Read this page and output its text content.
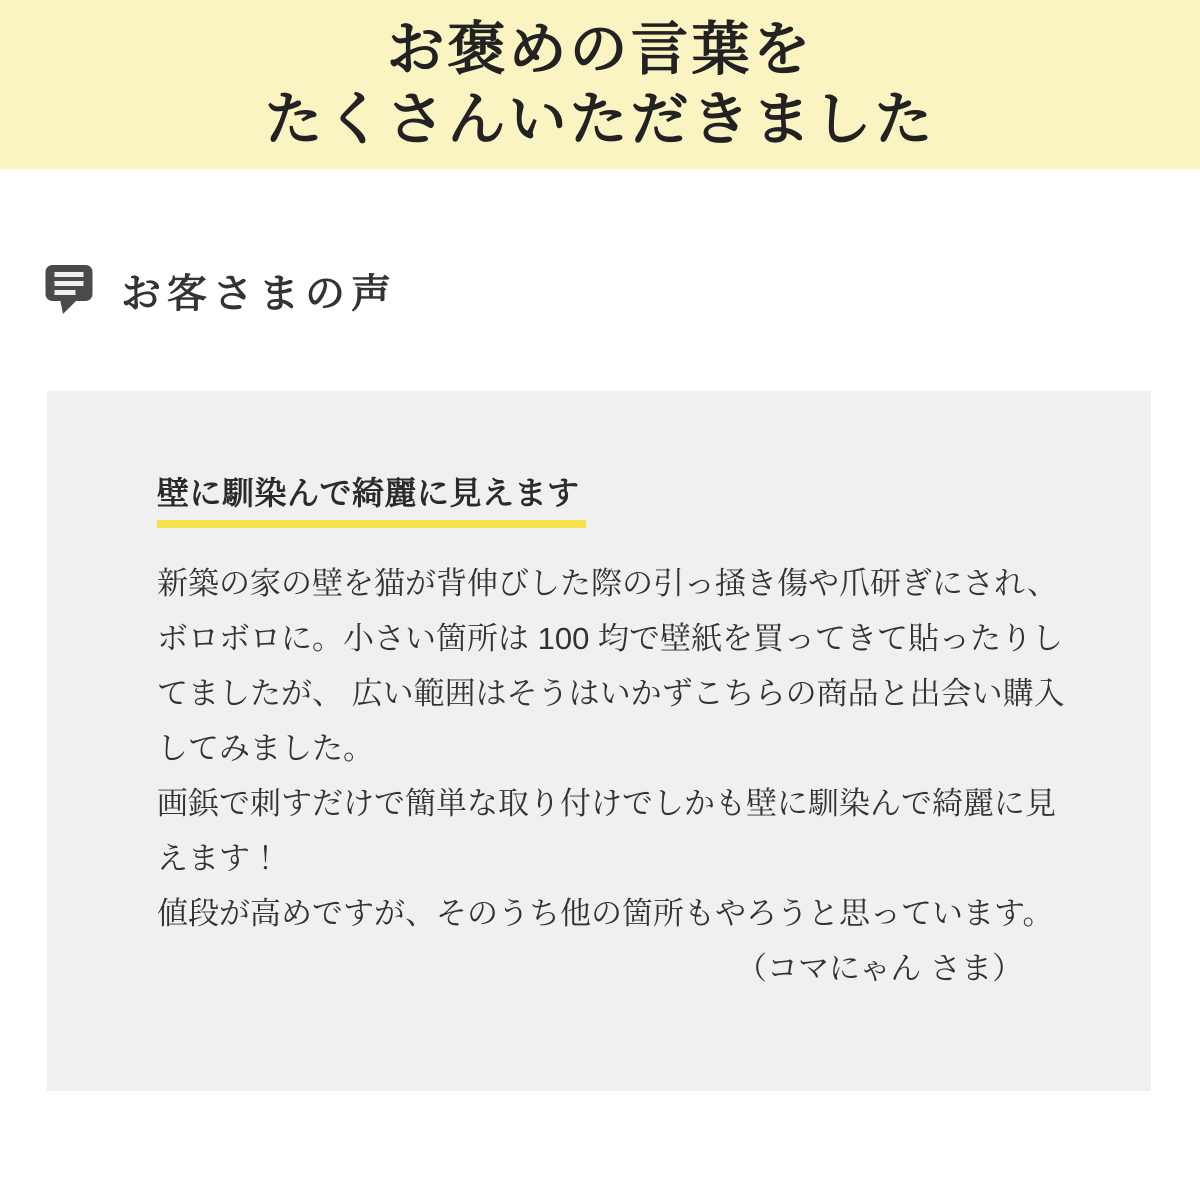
お褒めの言葉を
たくさんいただきました
お客さまの声
壁に馴染んで綺麗に見えます
新築の家の壁を猫が背伸びした際の引っ掻き傷や爪研ぎにされ、
ボロボロに。小さい箇所は 100 均で壁紙を買ってきて貼ったりし
てましたが、 広い範囲はそうはいかずこちらの商品と出会い購入
してみました。
画鋲で刺すだけで簡単な取り付けでしかも壁に馴染んで綺麗に見
えます！
値段が高めですが、そのうち他の箇所もやろうと思っています。
（コマにゃん さま）
